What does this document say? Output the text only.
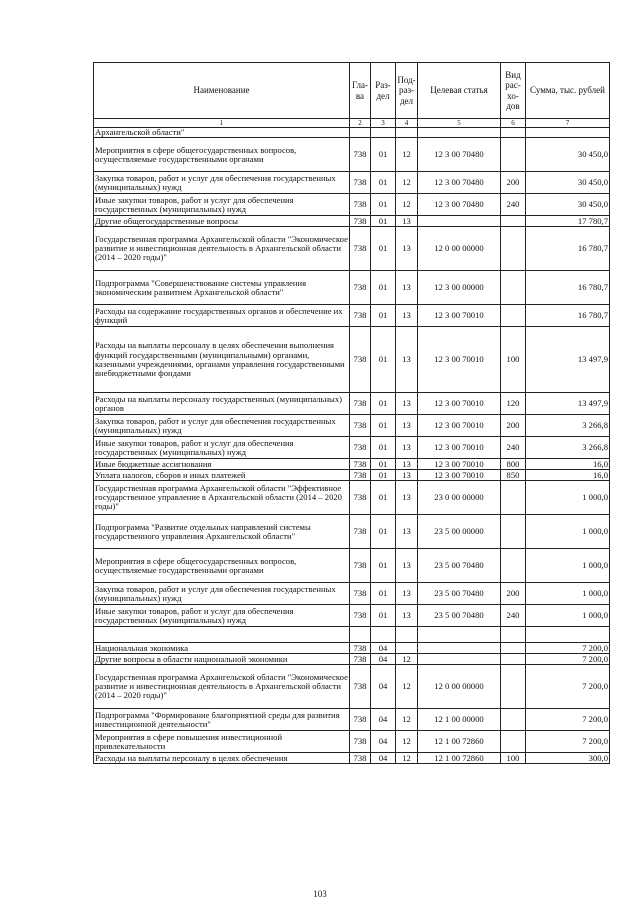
Наименование	Гла-ва	Раз-дел	Под-раз-дел	Целевая статья	Вид рас-хо-дов	Сумма, тыс. рублей
1	2	3	4	5	6	7
Архангельской области"						
Мероприятия в сфере общегосударственных вопросов, осуществляемые государственными органами	738	01	12	12 3 00 70480		30 450,0
Закупка товаров, работ и услуг для обеспечения государственных (муниципальных) нужд	738	01	12	12 3 00 70480	200	30 450,0
Иные закупки товаров, работ и услуг для обеспечения государственных (муниципальных) нужд	738	01	12	12 3 00 70480	240	30 450,0
Другие общегосударственные вопросы	738	01	13			17 780,7
Государственная программа Архангельской области "Экономическое развитие и инвестиционная деятельность в Архангельской области (2014 – 2020 годы)"	738	01	13	12 0 00 00000		16 780,7
Подпрограмма "Совершенствование системы управления экономическим развитием Архангельской области"	738	01	13	12 3 00 00000		16 780,7
Расходы на содержание государственных органов и обеспечение их функций	738	01	13	12 3 00 70010		16 780,7
Расходы на выплаты персоналу в целях обеспечения выполнения функций государственными (муниципальными) органами, казенными учреждениями, органами управления государственными внебюджетными фондами	738	01	13	12 3 00 70010	100	13 497,9
Расходы на выплаты персоналу государственных (муниципальных) органов	738	01	13	12 3 00 70010	120	13 497,9
Закупка товаров, работ и услуг для обеспечения государственных (муниципальных) нужд	738	01	13	12 3 00 70010	200	3 266,8
Иные закупки товаров, работ и услуг для обеспечения государственных (муниципальных) нужд	738	01	13	12 3 00 70010	240	3 266,8
Иные бюджетные ассигнования	738	01	13	12 3 00 70010	800	16,0
Уплата налогов, сборов и иных платежей	738	01	13	12 3 00 70010	850	16,0
Государственная программа Архангельской области "Эффективное государственное управление в Архангельской области (2014 – 2020 годы)"	738	01	13	23 0 00 00000		1 000,0
Подпрограмма "Развитие отдельных направлений системы государственного управления Архангельской области"	738	01	13	23 5 00 00000		1 000,0
Мероприятия в сфере общегосударственных вопросов, осуществляемые государственными органами	738	01	13	23 5 00 70480		1 000,0
Закупка товаров, работ и услуг для обеспечения государственных (муниципальных) нужд	738	01	13	23 5 00 70480	200	1 000,0
Иные закупки товаров, работ и услуг для обеспечения государственных (муниципальных) нужд	738	01	13	23 5 00 70480	240	1 000,0

Национальная экономика	738	04				7 200,0
Другие вопросы в области национальной экономики	738	04	12			7 200,0
Государственная программа Архангельской области "Экономическое развитие и инвестиционная деятельность в Архангельской области (2014 – 2020 годы)"	738	04	12	12 0 00 00000		7 200,0
Подпрограмма "Формирование благоприятной среды для развития инвестиционной деятельности"	738	04	12	12 1 00 00000		7 200,0
Мероприятия в сфере повышения инвестиционной привлекательности	738	04	12	12 1 00 72860		7 200,0
Расходы на выплаты персоналу в целях обеспечения	738	04	12	12 1 00 72860	100	300,0
103
